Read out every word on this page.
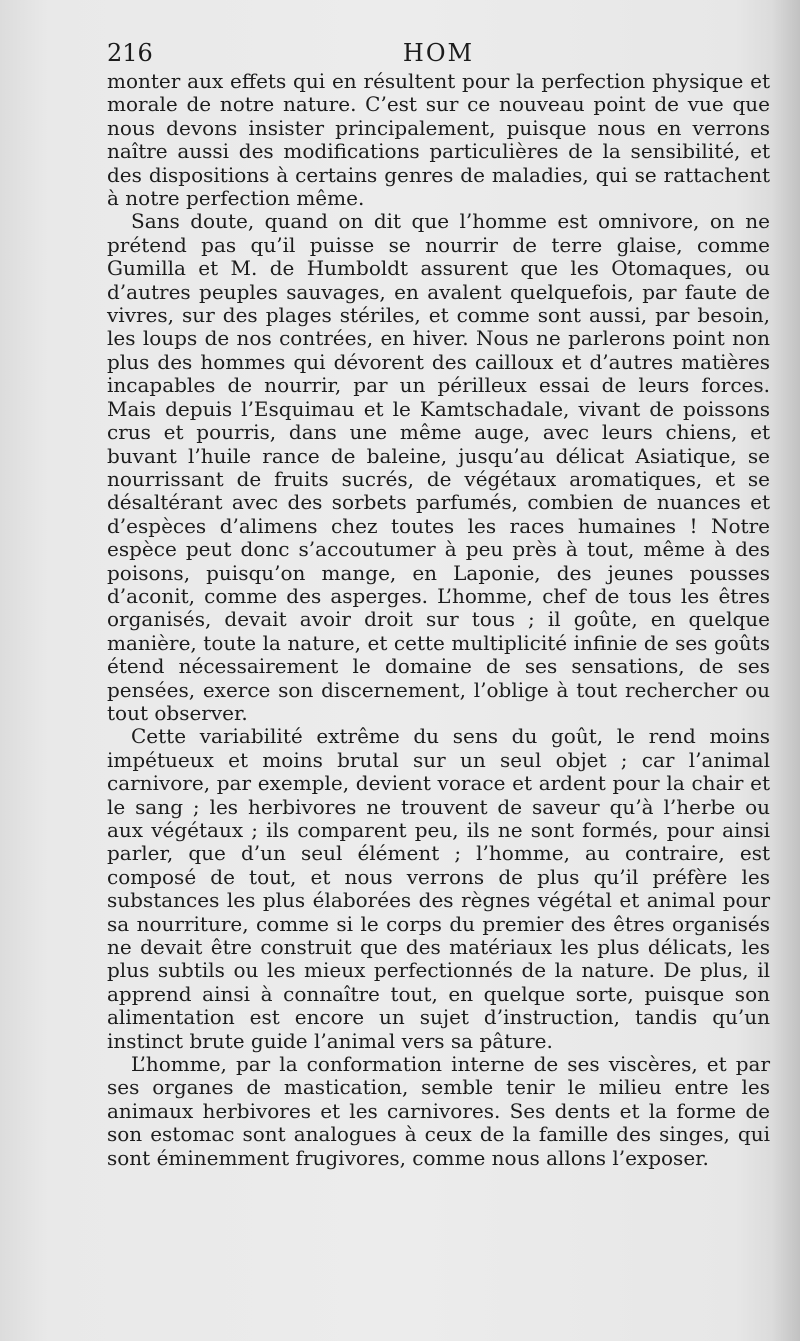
216	HOM

monter aux effets qui en résultent pour la perfection physique et morale de notre nature. C’est sur ce nouveau point de vue que nous devons insister principalement, puisque nous en verrons naître aussi des modifications particulières de la sensibilité, et des dispositions à certains genres de maladies, qui se rattachent à notre perfection même.

Sans doute, quand on dit que l’homme est omnivore, on ne prétend pas qu’il puisse se nourrir de terre glaise, comme Gumilla et M. de Humboldt assurent que les Otomaques, ou d’autres peuples sauvages, en avalent quelquefois, par faute de vivres, sur des plages stériles, et comme sont aussi, par besoin, les loups de nos contrées, en hiver. Nous ne parlerons point non plus des hommes qui dévorent des cailloux et d’autres matières incapables de nourrir, par un périlleux essai de leurs forces. Mais depuis l’Esquimau et le Kamtschadale, vivant de poissons crus et pourris, dans une même auge, avec leurs chiens, et buvant l’huile rance de baleine, jusqu’au délicat Asiatique, se nourrissant de fruits sucrés, de végétaux aromatiques, et se désaltérant avec des sorbets parfumés, combien de nuances et d’espèces d’alimens chez toutes les races humaines ! Notre espèce peut donc s’accoutumer à peu près à tout, même à des poisons, puisqu’on mange, en Laponie, des jeunes pousses d’aconit, comme des asperges. L’homme, chef de tous les êtres organisés, devait avoir droit sur tous ; il goûte, en quelque manière, toute la nature, et cette multiplicité infinie de ses goûts étend nécessairement le domaine de ses sensations, de ses pensées, exerce son discernement, l’oblige à tout rechercher ou tout observer.

Cette variabilité extrême du sens du goût, le rend moins impétueux et moins brutal sur un seul objet ; car l’animal carnivore, par exemple, devient vorace et ardent pour la chair et le sang ; les herbivores ne trouvent de saveur qu’à l’herbe ou aux végétaux ; ils comparent peu, ils ne sont formés, pour ainsi parler, que d’un seul élément ; l’homme, au contraire, est composé de tout, et nous verrons de plus qu’il préfère les substances les plus élaborées des règnes végétal et animal pour sa nourriture, comme si le corps du premier des êtres organisés ne devait être construit que des matériaux les plus délicats, les plus subtils ou les mieux perfectionnés de la nature. De plus, il apprend ainsi à connaître tout, en quelque sorte, puisque son alimentation est encore un sujet d’instruction, tandis qu’un instinct brute guide l’animal vers sa pâture.

L’homme, par la conformation interne de ses viscères, et par ses organes de mastication, semble tenir le milieu entre les animaux herbivores et les carnivores. Ses dents et la forme de son estomac sont analogues à ceux de la famille des singes, qui sont éminemment frugivores, comme nous allons l’exposer.
